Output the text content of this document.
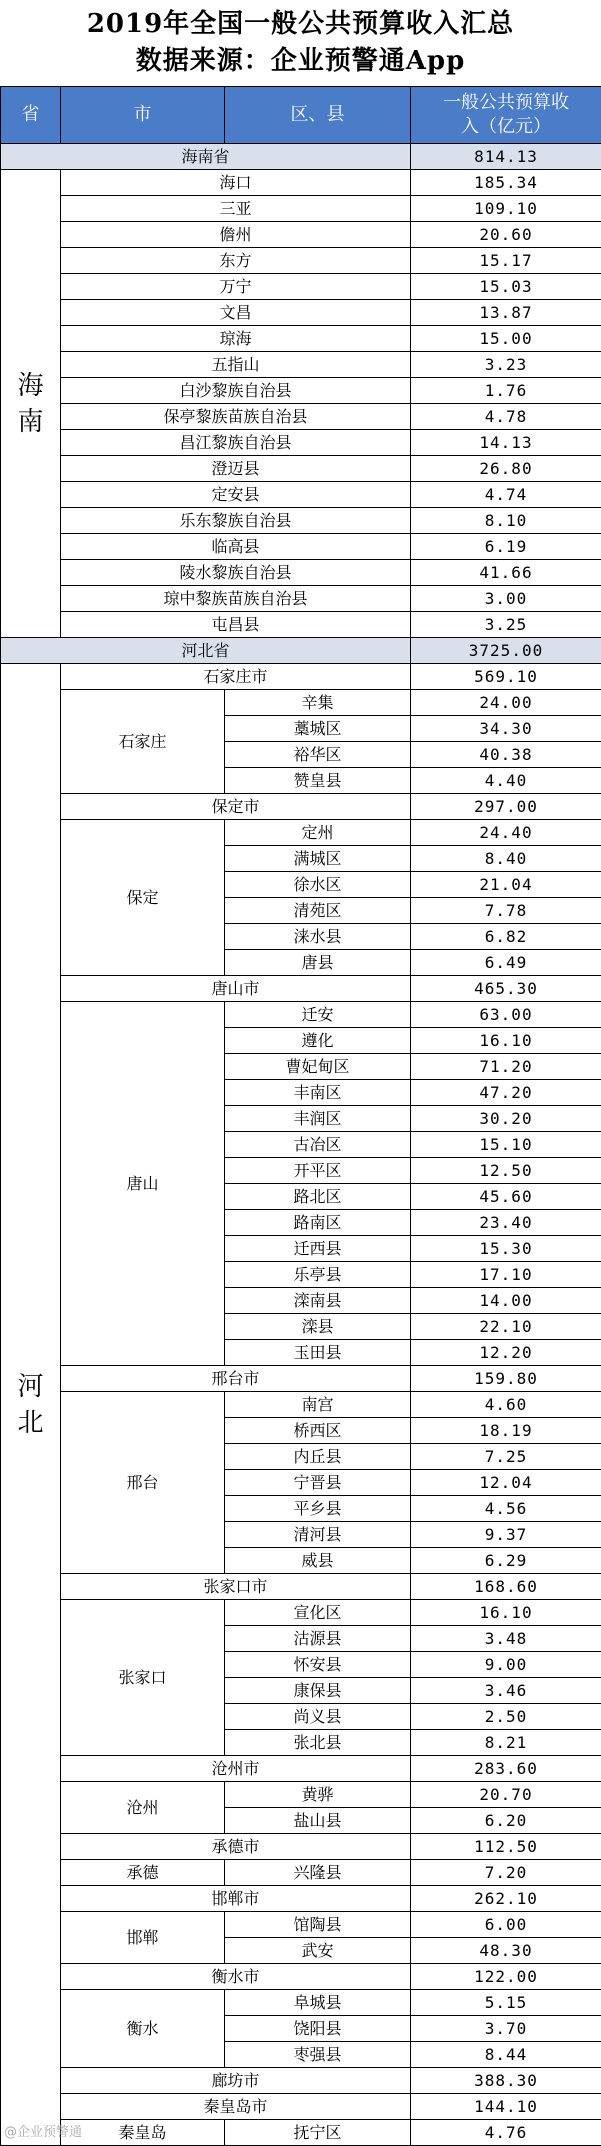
2019年全国一般公共预算收入汇总
数据来源：企业预警通App
省	市	区、县	一般公共预算收入（亿元）
海南省			814.13
海南	海口		185.34
	三亚		109.10
	儋州		20.60
	东方		15.17
	万宁		15.03
	文昌		13.87
	琼海		15.00
	五指山		3.23
	白沙黎族自治县		1.76
	保亭黎族苗族自治县		4.78
	昌江黎族自治县		14.13
	澄迈县		26.80
	定安县		4.74
	乐东黎族自治县		8.10
	临高县		6.19
	陵水黎族自治县		41.66
	琼中黎族苗族自治县		3.00
	屯昌县		3.25
河北省			3725.00
河北	石家庄市		569.10
	石家庄	辛集	24.00
		藁城区	34.30
		裕华区	40.38
		赞皇县	4.40
	保定市		297.00
	保定	定州	24.40
		满城区	8.40
		徐水区	21.04
		清苑区	7.78
		涞水县	6.82
		唐县	6.49
	唐山市		465.30
	唐山	迁安	63.00
		遵化	16.10
		曹妃甸区	71.20
		丰南区	47.20
		丰润区	30.20
		古冶区	15.10
		开平区	12.50
		路北区	45.60
		路南区	23.40
		迁西县	15.30
		乐亭县	17.10
		滦南县	14.00
		滦县	22.10
		玉田县	12.20
	邢台市		159.80
	邢台	南宫	4.60
		桥西区	18.19
		内丘县	7.25
		宁晋县	12.04
		平乡县	4.56
		清河县	9.37
		威县	6.29
	张家口市		168.60
	张家口	宣化区	16.10
		沽源县	3.48
		怀安县	9.00
		康保县	3.46
		尚义县	2.50
		张北县	8.21
	沧州市		283.60
	沧州	黄骅	20.70
		盐山县	6.20
	承德市		112.50
	承德	兴隆县	7.20
	邯郸市		262.10
	邯郸	馆陶县	6.00
		武安	48.30
	衡水市		122.00
	衡水	阜城县	5.15
		饶阳县	3.70
		枣强县	8.44
	廊坊市		388.30
	秦皇岛市		144.10
	秦皇岛	抚宁区	4.76
@企业预警通
